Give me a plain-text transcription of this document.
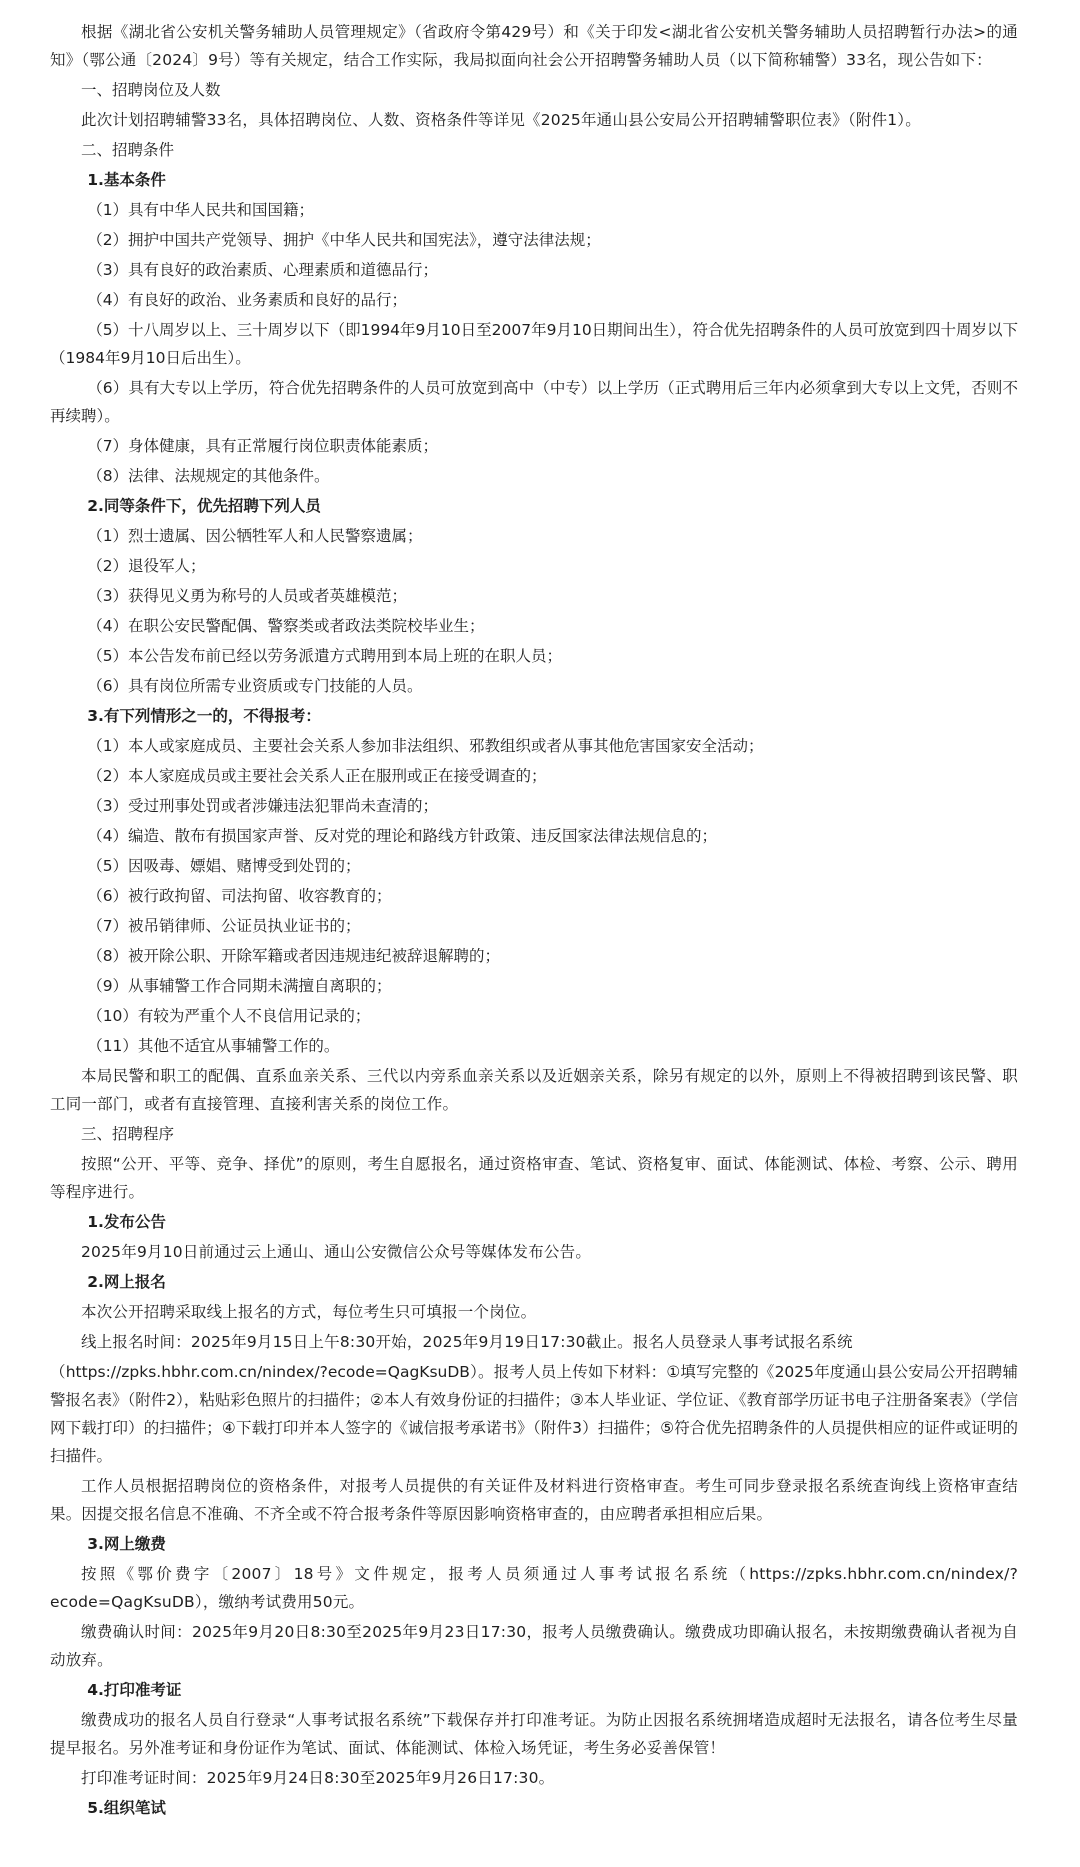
根据《湖北省公安机关警务辅助人员管理规定》（省政府令第429号）和《关于印发<湖北省公安机关警务辅助人员招聘暂行办法>的通知》（鄂公通〔2024〕9号）等有关规定，结合工作实际，我局拟面向社会公开招聘警务辅助人员（以下简称辅警）33名，现公告如下：

一、招聘岗位及人数

此次计划招聘辅警33名，具体招聘岗位、人数、资格条件等详见《2025年通山县公安局公开招聘辅警职位表》（附件1）。

二、招聘条件

1.基本条件

（1）具有中华人民共和国国籍；

（2）拥护中国共产党领导、拥护《中华人民共和国宪法》，遵守法律法规；

（3）具有良好的政治素质、心理素质和道德品行；

（4）有良好的政治、业务素质和良好的品行；

（5）十八周岁以上、三十周岁以下（即1994年9月10日至2007年9月10日期间出生），符合优先招聘条件的人员可放宽到四十周岁以下（1984年9月10日后出生）。

（6）具有大专以上学历，符合优先招聘条件的人员可放宽到高中（中专）以上学历（正式聘用后三年内必须拿到大专以上文凭，否则不再续聘）。

（7）身体健康，具有正常履行岗位职责体能素质；

（8）法律、法规规定的其他条件。

2.同等条件下，优先招聘下列人员

（1）烈士遗属、因公牺牲军人和人民警察遗属；

（2）退役军人；

（3）获得见义勇为称号的人员或者英雄模范；

（4）在职公安民警配偶、警察类或者政法类院校毕业生；

（5）本公告发布前已经以劳务派遣方式聘用到本局上班的在职人员；

（6）具有岗位所需专业资质或专门技能的人员。

3.有下列情形之一的，不得报考：

（1）本人或家庭成员、主要社会关系人参加非法组织、邪教组织或者从事其他危害国家安全活动；

（2）本人家庭成员或主要社会关系人正在服刑或正在接受调查的；

（3）受过刑事处罚或者涉嫌违法犯罪尚未查清的；

（4）编造、散布有损国家声誉、反对党的理论和路线方针政策、违反国家法律法规信息的；

（5）因吸毒、嫖娼、赌博受到处罚的；

（6）被行政拘留、司法拘留、收容教育的；

（7）被吊销律师、公证员执业证书的；

（8）被开除公职、开除军籍或者因违规违纪被辞退解聘的；

（9）从事辅警工作合同期未满擅自离职的；

（10）有较为严重个人不良信用记录的；

（11）其他不适宜从事辅警工作的。

本局民警和职工的配偶、直系血亲关系、三代以内旁系血亲关系以及近姻亲关系，除另有规定的以外，原则上不得被招聘到该民警、职工同一部门，或者有直接管理、直接利害关系的岗位工作。

三、招聘程序

按照“公开、平等、竞争、择优”的原则，考生自愿报名，通过资格审查、笔试、资格复审、面试、体能测试、体检、考察、公示、聘用等程序进行。

1.发布公告

2025年9月10日前通过云上通山、通山公安微信公众号等媒体发布公告。

2.网上报名

本次公开招聘采取线上报名的方式，每位考生只可填报一个岗位。

线上报名时间：2025年9月15日上午8:30开始，2025年9月19日17:30截止。报名人员登录人事考试报名系统

（https://zpks.hbhr.com.cn/nindex/?ecode=QagKsuDB）。报考人员上传如下材料：①填写完整的《2025年度通山县公安局公开招聘辅警报名表》（附件2），粘贴彩色照片的扫描件；②本人有效身份证的扫描件；③本人毕业证、学位证、《教育部学历证书电子注册备案表》（学信网下载打印）的扫描件；④下载打印并本人签字的《诚信报考承诺书》（附件3）扫描件；⑤符合优先招聘条件的人员提供相应的证件或证明的扫描件。

工作人员根据招聘岗位的资格条件，对报考人员提供的有关证件及材料进行资格审查。考生可同步登录报名系统查询线上资格审查结果。因提交报名信息不准确、不齐全或不符合报考条件等原因影响资格审查的，由应聘者承担相应后果。

3.网上缴费

按照《鄂价费字〔2007〕18号》文件规定，报考人员须通过人事考试报名系统（https://zpks.hbhr.com.cn/nindex/?ecode=QagKsuDB），缴纳考试费用50元。

缴费确认时间：2025年9月20日8:30至2025年9月23日17:30，报考人员缴费确认。缴费成功即确认报名，未按期缴费确认者视为自动放弃。

4.打印准考证

缴费成功的报名人员自行登录“人事考试报名系统”下载保存并打印准考证。为防止因报名系统拥堵造成超时无法报名，请各位考生尽量提早报名。另外准考证和身份证作为笔试、面试、体能测试、体检入场凭证，考生务必妥善保管！

打印准考证时间：2025年9月24日8:30至2025年9月26日17:30。

5.组织笔试
